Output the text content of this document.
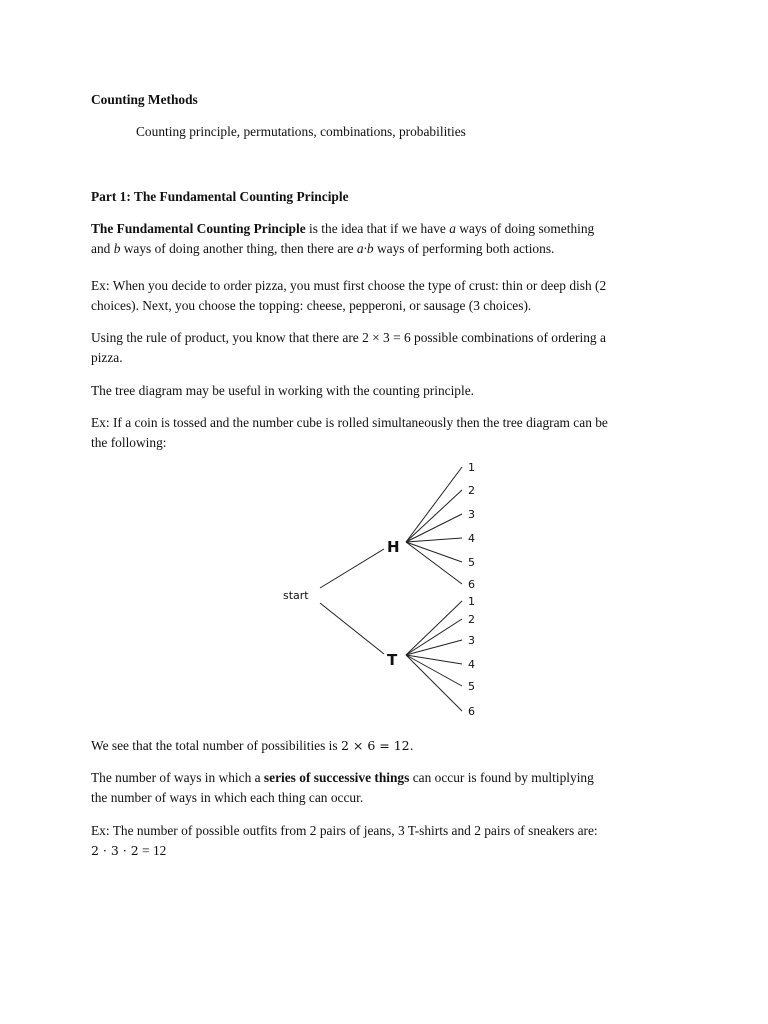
Counting Methods

Counting principle, permutations, combinations, probabilities

Part 1: The Fundamental Counting Principle

The Fundamental Counting Principle is the idea that if we have a ways of doing something
and b ways of doing another thing, then there are a·b ways of performing both actions.

Ex: When you decide to order pizza, you must first choose the type of crust: thin or deep dish (2
choices). Next, you choose the topping: cheese, pepperoni, or sausage (3 choices).

Using the rule of product, you know that there are 2 × 3 = 6 possible combinations of ordering a
pizza.

The tree diagram may be useful in working with the counting principle.

Ex: If a coin is tossed and the number cube is rolled simultaneously then the tree diagram can be
the following:

start
H
1
2
3
4
5
6
T
1
2
3
4
5
6

We see that the total number of possibilities is 2 × 6 = 12.

The number of ways in which a series of successive things can occur is found by multiplying
the number of ways in which each thing can occur.

Ex: The number of possible outfits from 2 pairs of jeans, 3 T-shirts and 2 pairs of sneakers are:
2 · 3 · 2 = 12
